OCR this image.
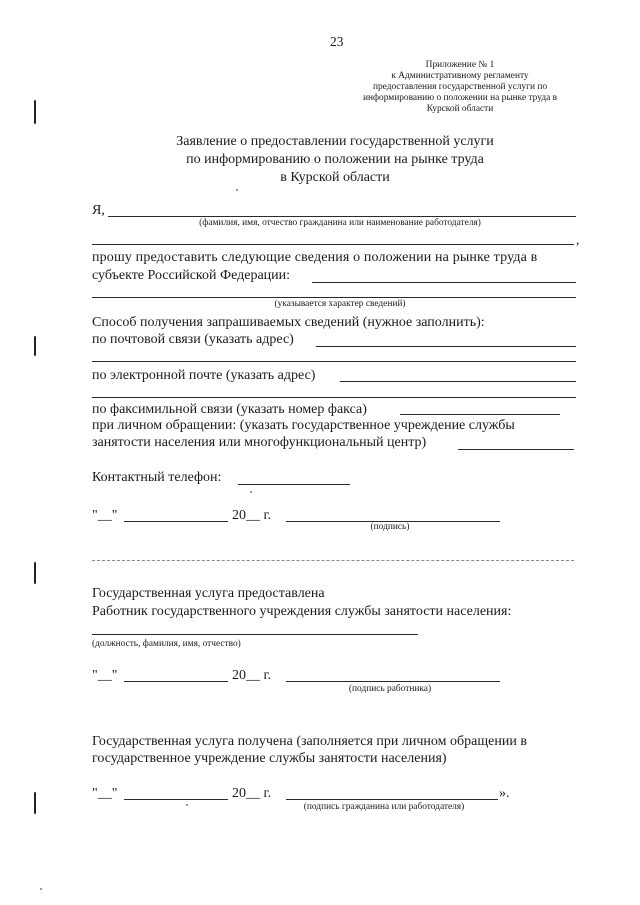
23
Приложение № 1
к Административному регламенту
предоставления государственной услуги по
информированию о положении на рынке труда в
Курской области
Заявление о предоставлении государственной услуги
по информированию о положении на рынке труда
в Курской области
Я,
(фамилия, имя, отчество гражданина или наименование работодателя)
,
прошу предоставить следующие сведения о положении на рынке труда в
субъекте Российской Федерации:
(указывается характер сведений)
Способ получения запрашиваемых сведений (нужное заполнить):
по почтовой связи (указать адрес)
по электронной почте (указать адрес)
по факсимильной связи (указать номер факса)
при личном обращении: (указать государственное учреждение службы
занятости населения или многофункциональный центр)
Контактный телефон:
"__"	20__ г.
(подпись)
Государственная услуга предоставлена
Работник государственного учреждения службы занятости населения:
(должность, фамилия, имя, отчество)
"__"	20__ г.
(подпись работника)
Государственная услуга получена (заполняется при личном обращении в
государственное учреждение службы занятости населения)
"__"	20__ г.	».
(подпись гражданина или работодателя)
